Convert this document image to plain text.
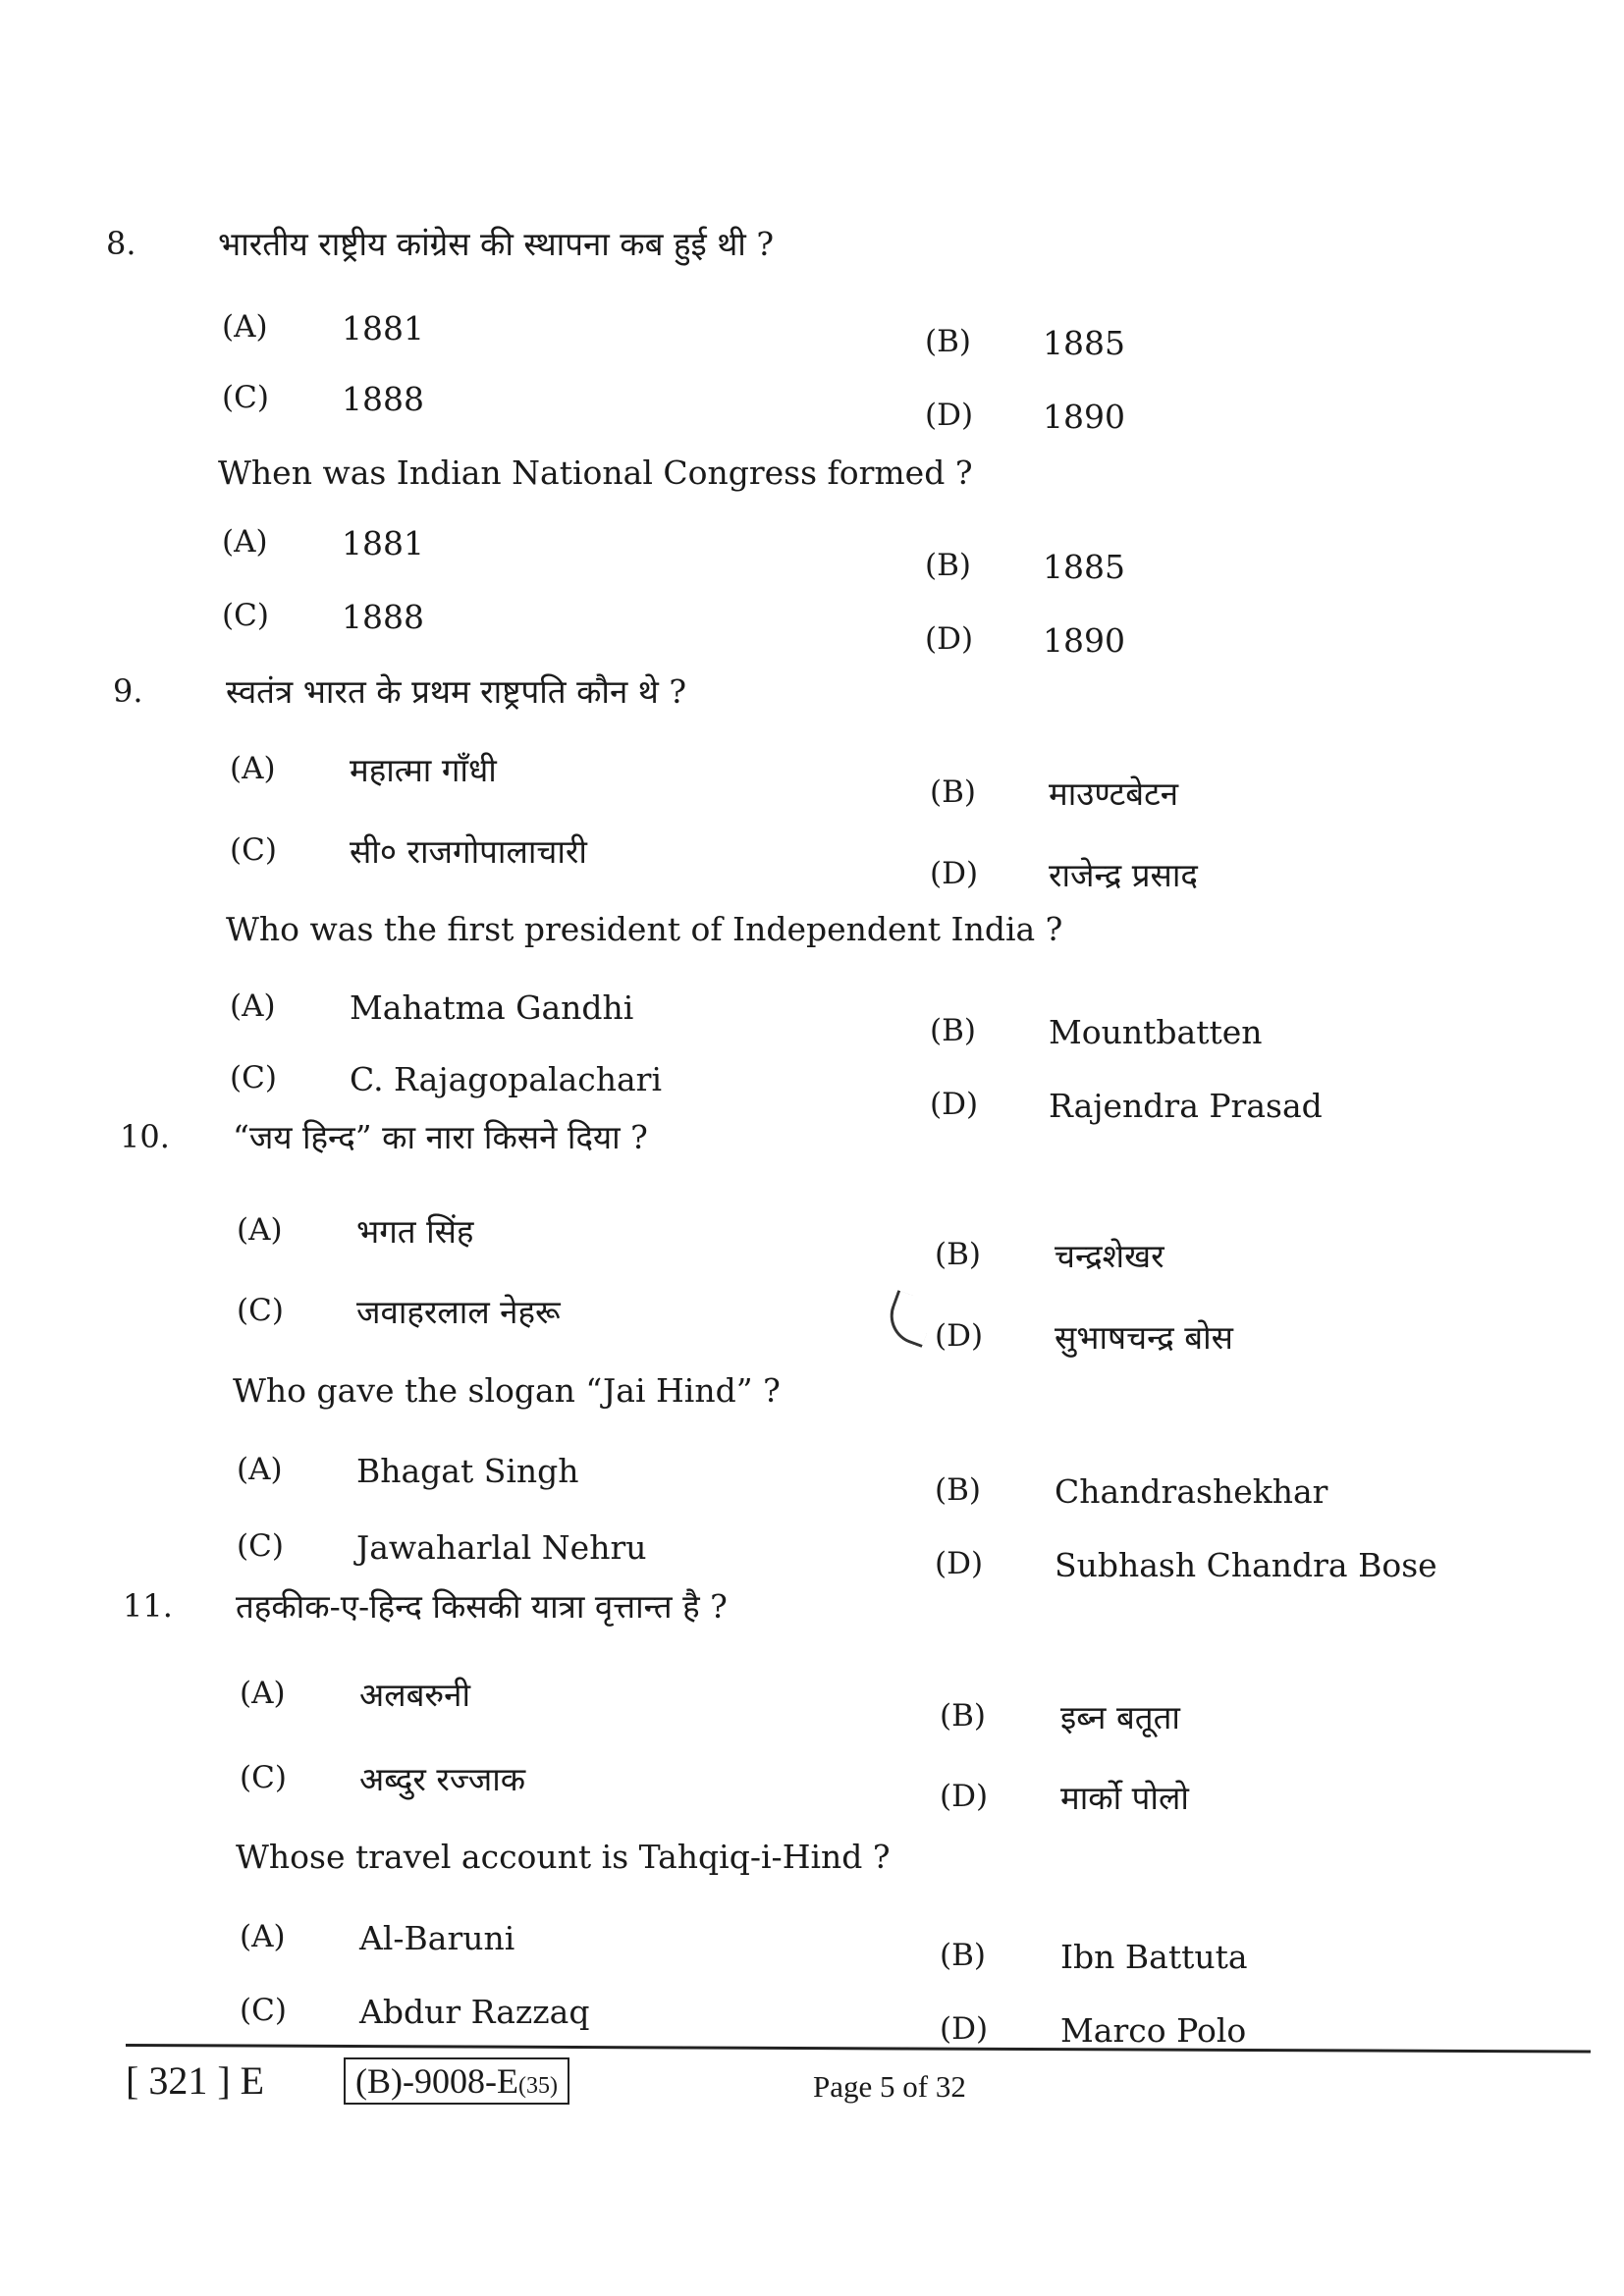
8.	भारतीय राष्ट्रीय कांग्रेस की स्थापना कब हुई थी ?
(A) 1881	(B) 1885
(C) 1888	(D) 1890
When was Indian National Congress formed ?
(A) 1881
(B) 1885
(C) 1888
(D) 1890
9.	स्वतंत्र भारत के प्रथम राष्ट्रपति कौन थे ?
(A) महात्मा गाँधी
(B) माउण्टबेटन
(C) सी० राजगोपालाचारी
(D) राजेन्द्र प्रसाद
Who was the first president of Independent India ?
(A) Mahatma Gandhi
(B) Mountbatten
(C) C. Rajagopalachari
(D) Rajendra Prasad
10. “जय हिन्द” का नारा किसने दिया ?
(A) भगत सिंह
(B) चन्द्रशेखर
(C) जवाहरलाल नेहरू
(D) सुभाषचन्द्र बोस
Who gave the slogan “Jai Hind” ?
(A) Bhagat Singh	(B) Chandrashekhar
(C) Jawaharlal Nehru	(D) Subhash Chandra Bose
11. तहकीक-ए-हिन्द किसकी यात्रा वृत्तान्त है ?
(A) अलबरुनी
(B) इब्न बतूता
(C) अब्दुर रज्जाक	(D) मार्को पोलो
Whose travel account is Tahqiq-i-Hind ?
(A) Al-Baruni	(B) Ibn Battuta
(C) Abdur Razzaq	(D) Marco Polo
[ 321 ] E	(B)-9008-E(35)	Page 5 of 32
